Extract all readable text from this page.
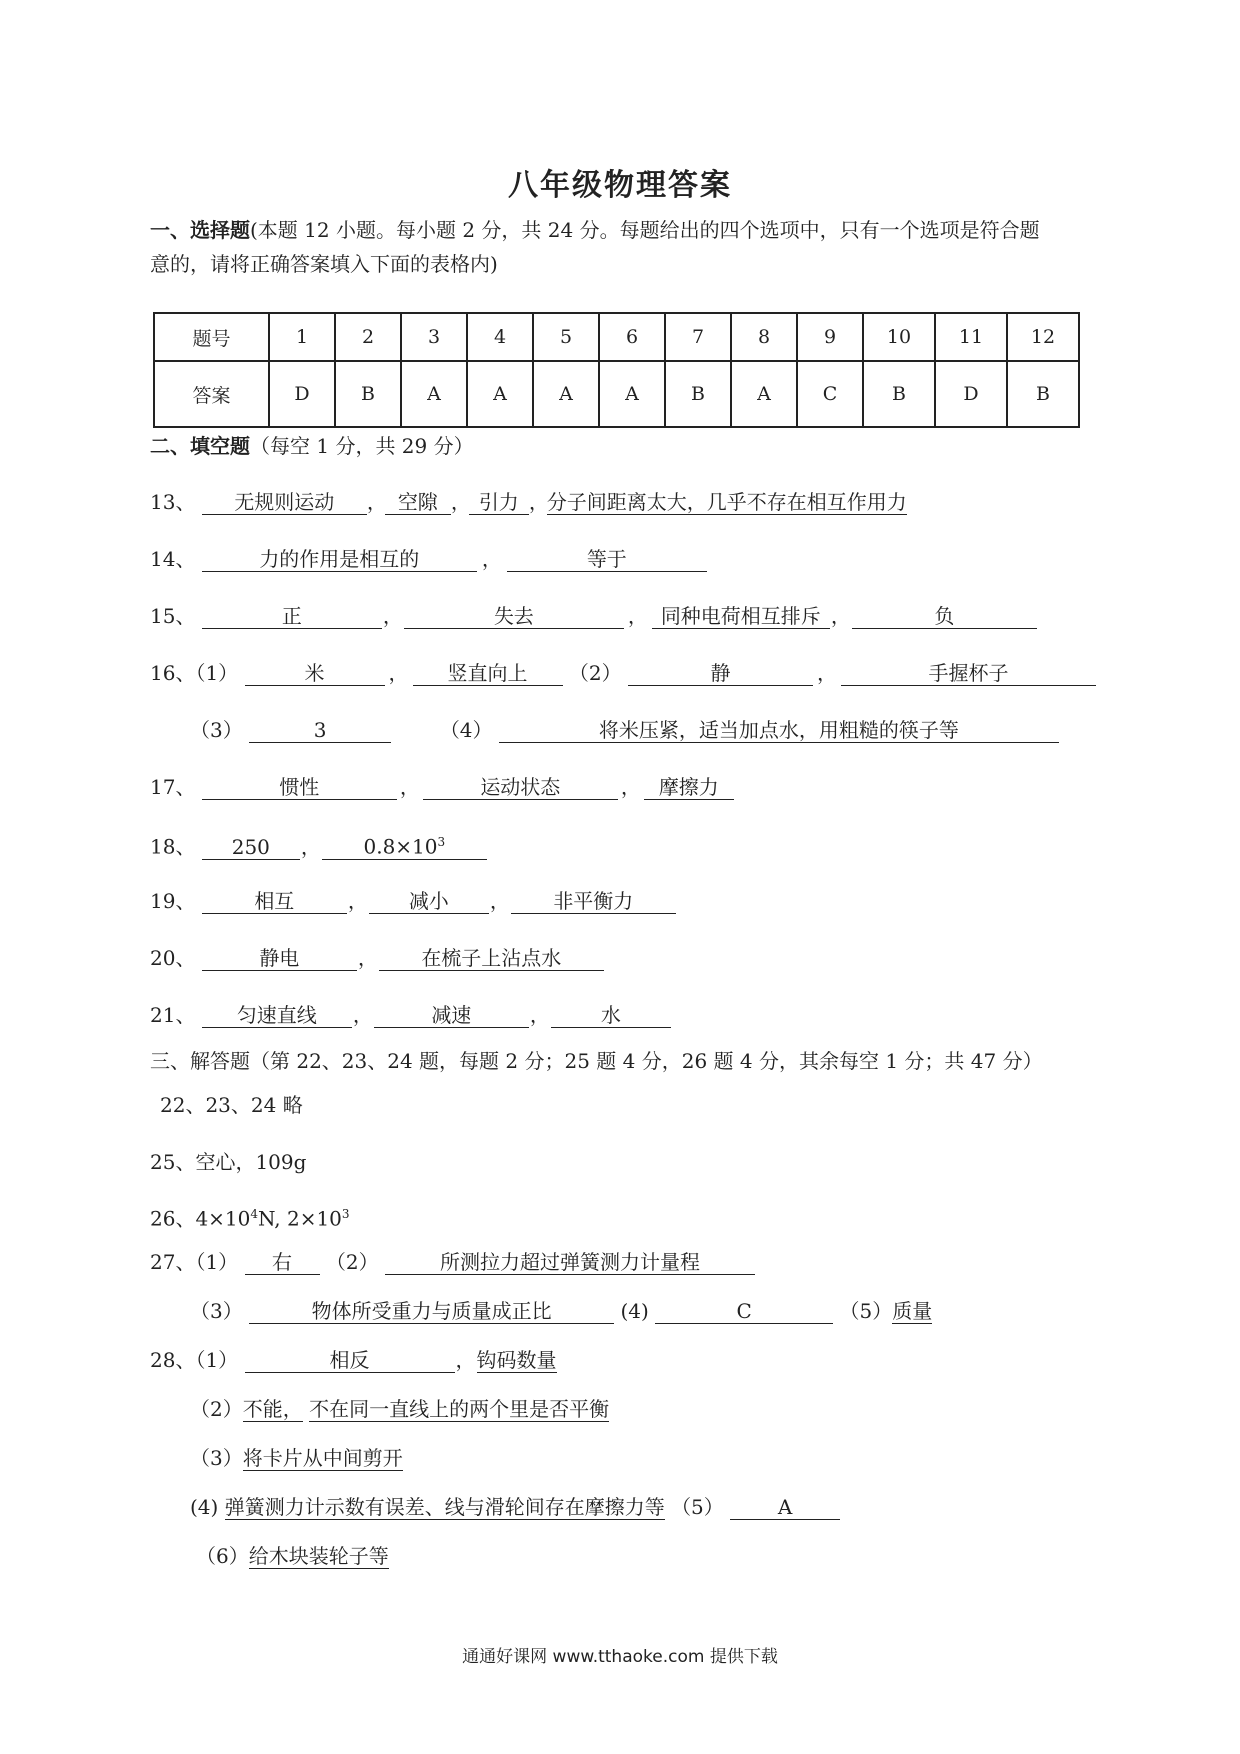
八年级物理答案
一、选择题(本题 12 小题。每小题 2 分，共 24 分。每题给出的四个选项中，只有一个选项是符合题
意的，请将正确答案填入下面的表格内)
题号	1	2	3	4	5	6	7	8	9	10	11	12
答案	D	B	A	A	A	A	B	A	C	B	D	B
二、填空题（每空 1 分，共 29 分）
13、 无规则运动 ， 空隙 ， 引力 ，分子间距离太大，几乎不存在相互作用力
14、	力的作用是相互的	，	等于
15、	正	，	失去	， 同种电荷相互排斥 ，	负
16、（1）	米	， 竖直向上 （2）	静	，	手握杯子
（3）	3	（4）	将米压紧，适当加点水，用粗糙的筷子等
17、	惯性	，	运动状态	， 摩擦力
18、 250 ， $0.8\times 10^3$
19、	相互	， 减小 ， 非平衡力
20、	静电	， 在梳子上沾点水
21、 匀速直线 ，	减速	，	水
三、解答题（第 22、23、24 题，每题 2 分；25 题 4 分，26 题 4 分，其余每空 1 分；共 47 分）
22、23、24 略
25、空心，109g
26、$4\times 10^4N$, $2\times 10^3$
27、（1） 右 （2）	所测拉力超过弹簧测力计量程
（3）	物体所受重力与质量成正比	(4)	C	（5）质量
28、（1）	相反	，钩码数量
（2）不能， 不在同一直线上的两个里是否平衡
（3）将卡片从中间剪开
(4) 弹簧测力计示数有误差、线与滑轮间存在摩擦力等 （5）	A
（6）给木块装轮子等
通通好课网 www.tthaoke.com 提供下载
